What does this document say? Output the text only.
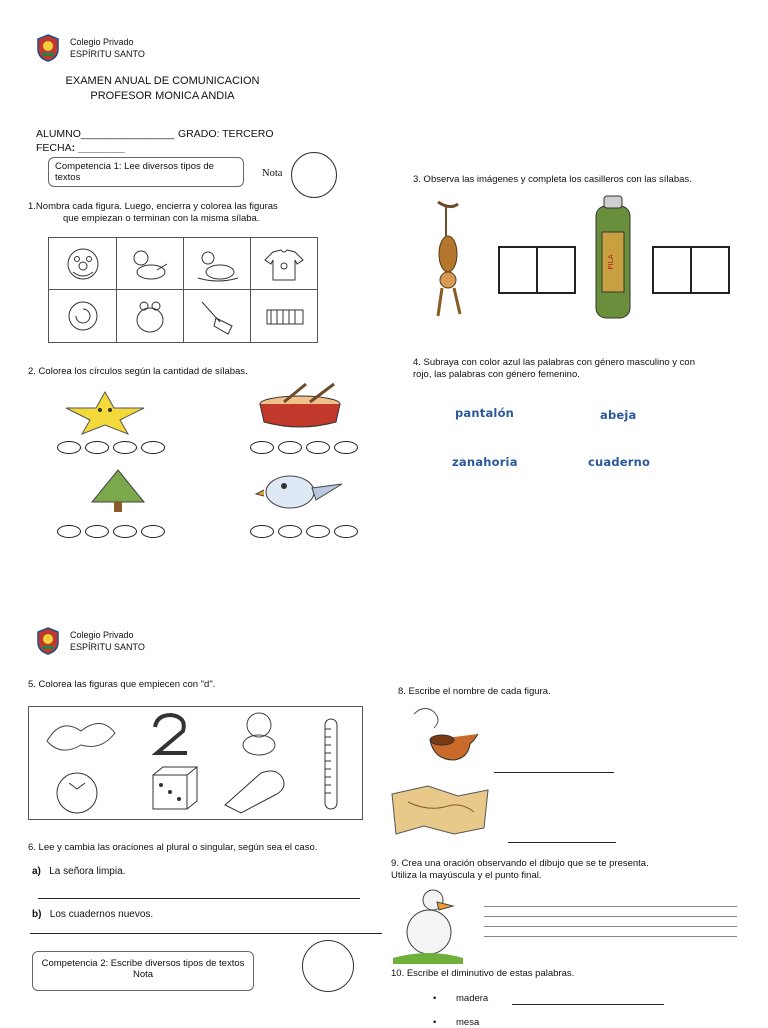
Colegio Privado
ESPÍRITU SANTO
EXAMEN ANUAL DE COMUNICACION
PROFESOR MONICA ANDIA
ALUMNO________________ GRADO: TERCERO
FECHA: ________
Competencia 1: Lee diversos tipos de textos	Nota
1.Nombra cada figura. Luego, encierra y colorea las figuras
que empiezan o terminan con la misma sílaba.
2. Colorea los círculos según la cantidad de sílabas.
3. Observa las imágenes y completa los casilleros con las sílabas.
PILA
4. Subraya con color azul las palabras con género masculino y con
rojo, las palabras con género femenino.
pantalón	abeja
zanahoria	cuaderno
Colegio Privado
ESPÍRITU SANTO
5. Colorea las figuras que empiecen con "d".
6. Lee y cambia las oraciones al plural o singular, según sea el caso.
a) La señora limpia.
b) Los cuadernos nuevos.
Competencia 2: Escribe diversos tipos de textos
Nota
8. Escribe el nombre de cada figura.
9. Crea una oración observando el dibujo que se te presenta.
Utiliza la mayúscula y el punto final.
10. Escribe el diminutivo de estas palabras.
• madera
• mesa
